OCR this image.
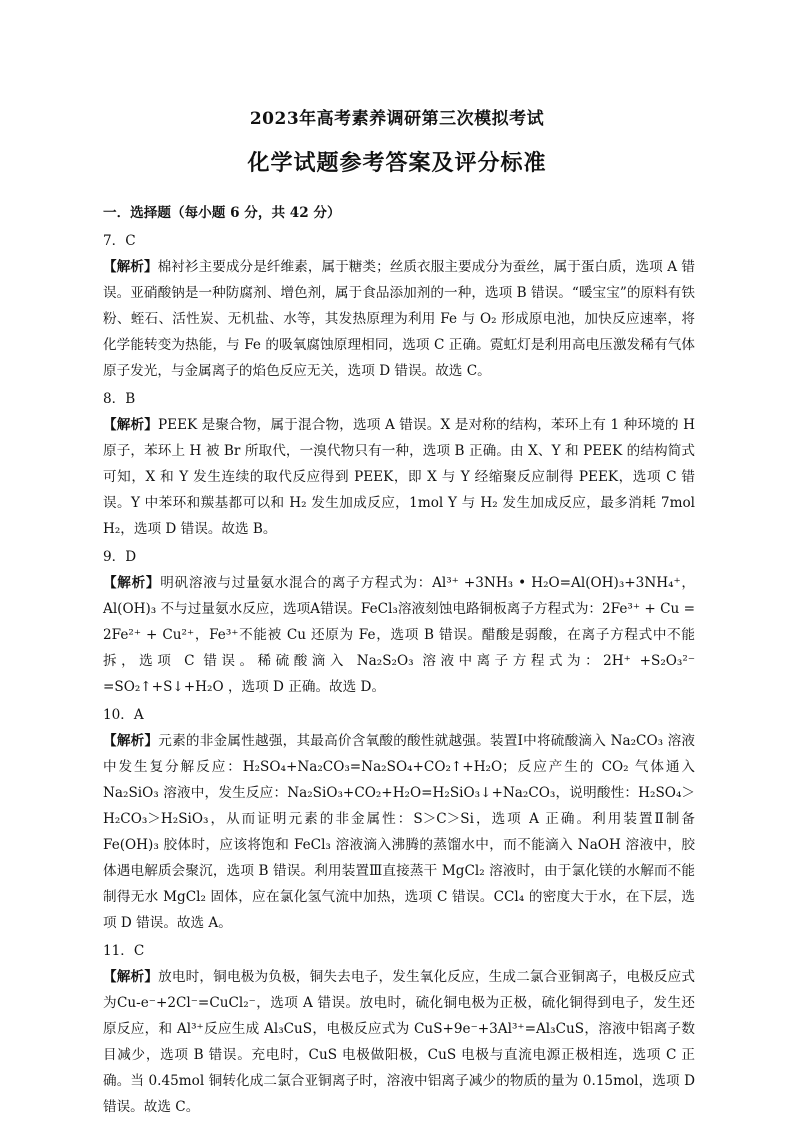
2023年高考素养调研第三次模拟考试
化学试题参考答案及评分标准
一．选择题（每小题 6 分，共 42 分）
7．C

【解析】棉衬衫主要成分是纤维素，属于糖类；丝质衣服主要成分为蚕丝，属于蛋白质，选项 A 错误。亚硝酸钠是一种防腐剂、增色剂，属于食品添加剂的一种，选项 B 错误。“暖宝宝”的原料有铁粉、蛭石、活性炭、无机盐、水等，其发热原理为利用 Fe 与 O₂ 形成原电池，加快反应速率，将化学能转变为热能，与 Fe 的吸氧腐蚀原理相同，选项 C 正确。霓虹灯是利用高电压激发稀有气体原子发光，与金属离子的焰色反应无关，选项 D 错误。故选 C。

8．B

【解析】PEEK 是聚合物，属于混合物，选项 A 错误。X 是对称的结构，苯环上有 1 种环境的 H 原子，苯环上 H 被 Br 所取代，一溴代物只有一种，选项 B 正确。由 X、Y 和 PEEK 的结构简式可知，X 和 Y 发生连续的取代反应得到 PEEK，即 X 与 Y 经缩聚反应制得 PEEK，选项 C 错误。Y 中苯环和羰基都可以和 H₂ 发生加成反应，1mol Y 与 H₂ 发生加成反应，最多消耗 7mol H₂，选项 D 错误。故选 B。

9．D

【解析】明矾溶液与过量氨水混合的离子方程式为：Al³⁺ +3NH₃ • H₂O=Al(OH)₃+3NH₄⁺，Al(OH)₃ 不与过量氨水反应，选项A错误。FeCl₃溶液刻蚀电路铜板离子方程式为：2Fe³⁺ + Cu = 2Fe²⁺ + Cu²⁺，Fe³⁺不能被 Cu 还原为 Fe，选项 B 错误。醋酸是弱酸，在离子方程式中不能拆，选项 C 错误。稀硫酸滴入 Na₂S₂O₃ 溶液中离子方程式为：2H⁺ +S₂O₃²⁻ =SO₂↑+S↓+H₂O ，选项 D 正确。故选 D。

10．A

【解析】元素的非金属性越强，其最高价含氧酸的酸性就越强。装置Ⅰ中将硫酸滴入 Na₂CO₃ 溶液中发生复分解反应：H₂SO₄+Na₂CO₃=Na₂SO₄+CO₂↑+H₂O；反应产生的 CO₂ 气体通入 Na₂SiO₃ 溶液中，发生反应：Na₂SiO₃+CO₂+H₂O=H₂SiO₃↓+Na₂CO₃，说明酸性：H₂SO₄＞H₂CO₃＞H₂SiO₃，从而证明元素的非金属性：S＞C＞Si，选项 A 正确。利用装置Ⅱ制备 Fe(OH)₃ 胶体时，应该将饱和 FeCl₃ 溶液滴入沸腾的蒸馏水中，而不能滴入 NaOH 溶液中，胶体遇电解质会聚沉，选项 B 错误。利用装置Ⅲ直接蒸干 MgCl₂ 溶液时，由于氯化镁的水解而不能制得无水 MgCl₂ 固体，应在氯化氢气流中加热，选项 C 错误。CCl₄ 的密度大于水，在下层，选项 D 错误。故选 A。

11．C

【解析】放电时，铜电极为负极，铜失去电子，发生氧化反应，生成二氯合亚铜离子，电极反应式为Cu-e⁻+2Cl⁻=CuCl₂⁻，选项 A 错误。放电时，硫化铜电极为正极，硫化铜得到电子，发生还原反应，和 Al³⁺反应生成 Al₃CuS，电极反应式为 CuS+9e⁻+3Al³⁺=Al₃CuS，溶液中铝离子数目减少，选项 B 错误。充电时，CuS 电极做阳极，CuS 电极与直流电源正极相连，选项 C 正确。当 0.45mol 铜转化成二氯合亚铜离子时，溶液中铝离子减少的物质的量为 0.15mol，选项 D 错误。故选 C。
